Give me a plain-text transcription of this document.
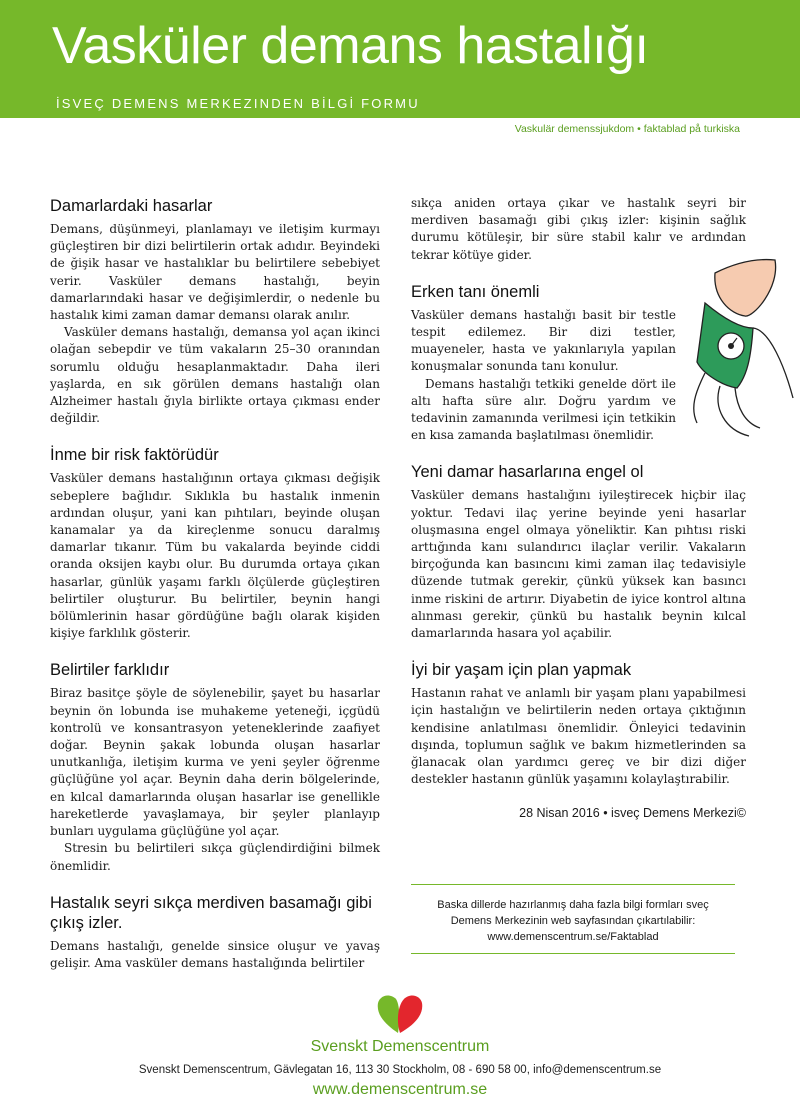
Vasküler demans hastalığı
İSVEÇ DEMENS MERKEZINDEN BİLGİ FORMU
Vaskulär demenssjukdom • faktablad på turkiska
Damarlardaki hasarlar

Demans, düşünmeyi, planlamayı ve iletişim kurmayı güçleştiren bir dizi belirtilerin ortak adıdır. Beyindeki de ğişik hasar ve hastalıklar bu belirtilere sebebiyet verir. Vasküler demans hastalığı, beyin damarlarındaki hasar ve değişimlerdir, o nedenle bu hastalık kimi zaman damar demansı olarak anılır.

Vasküler demans hastalığı, demansa yol açan ikinci olağan sebepdir ve tüm vakaların 25–30 oranından sorumlu olduğu hesaplanmaktadır. Daha ileri yaşlarda, en sık görülen demans hastalığı olan Alzheimer hastalı ğıyla birlikte ortaya çıkması ender değildir.

İnme bir risk faktörüdür

Vasküler demans hastalığının ortaya çıkması değişik sebeplere bağlıdır. Sıklıkla bu hastalık inmenin ardından oluşur, yani kan pıhtıları, beyinde oluşan kanamalar ya da kireçlenme sonucu daralmış damarlar tıkanır. Tüm bu vakalarda beyinde ciddi oranda oksijen kaybı olur. Bu durumda ortaya çıkan hasarlar, günlük yaşamı farklı ölçülerde güçleştiren belirtiler oluşturur. Bu belirtiler, beynin hangi bölümlerinin hasar gördüğüne bağlı olarak kişiden kişiye farklılık gösterir.

Belirtiler farklıdır

Biraz basitçe şöyle de söylenebilir, şayet bu hasarlar beynin ön lobunda ise muhakeme yeteneği, içgüdü kontrolü ve konsantrasyon yeteneklerinde zaafiyet doğar. Beynin şakak lobunda oluşan hasarlar unutkanlığa, iletişim kurma ve yeni şeyler öğrenme güçlüğüne yol açar. Beynin daha derin bölgelerinde, en kılcal damarlarında oluşan hasarlar ise genellikle hareketlerde yavaşlamaya, bir şeyler planlayıp bunları uygulama güçlüğüne yol açar.

Stresin bu belirtileri sıkça güçlendirdiğini bilmek önemlidir.

Hastalık seyri sıkça merdiven basamağı gibi çıkış izler.

Demans hastalığı, genelde sinsice oluşur ve yavaş gelişir. Ama vasküler demans hastalığında belirtiler

sıkça aniden ortaya çıkar ve hastalık seyri bir merdiven basamağı gibi çıkış izler: kişinin sağlık durumu kötüleşir, bir süre stabil kalır ve ardından tekrar kötüye gider.

Erken tanı önemli

Vasküler demans hastalığı basit bir testle tespit edilemez. Bir dizi testler, muayeneler, hasta ve yakınlarıyla yapılan konuşmalar sonunda tanı konulur.

Demans hastalığı tetkiki genelde dört ile altı hafta süre alır. Doğru yardım ve tedavinin zamanında verilmesi için tetkikin en kısa zamanda başlatılması önemlidir.

Yeni damar hasarlarına engel ol

Vasküler demans hastalığını iyileştirecek hiçbir ilaç yoktur. Tedavi ilaç yerine beyinde yeni hasarlar oluşmasına engel olmaya yöneliktir. Kan pıhtısı riski arttığında kanı sulandırıcı ilaçlar verilir. Vakaların birçoğunda kan basıncını kimi zaman ilaç tedavisiyle düzende tutmak gerekir, çünkü yüksek kan basıncı inme riskini de artırır. Diyabetin de iyice kontrol altına alınması gerekir, çünkü bu hastalık beynin kılcal damarlarında hasara yol açabilir.

İyi bir yaşam için plan yapmak

Hastanın rahat ve anlamlı bir yaşam planı yapabilmesi için hastalığın ve belirtilerin neden ortaya çıktığının kendisine anlatılması önemlidir. Önleyici tedavinin dışında, toplumun sağlık ve bakım hizmetlerinden sa ğlanacak olan yardımcı gereç ve bir dizi diğer destekler hastanın günlük yaşamını kolaylaştırabilir.

28 Nisan 2016 • isveç Demens Merkezi©
Baska dillerde hazırlanmış daha fazla bilgi formları sveç
Demens Merkezinin web sayfasından çıkartılabilir:
www.demenscentrum.se/Faktablad
Svenskt Demenscentrum
Svenskt Demenscentrum, Gävlegatan 16, 113 30 Stockholm, 08 - 690 58 00, info@demenscentrum.se
www.demenscentrum.se
